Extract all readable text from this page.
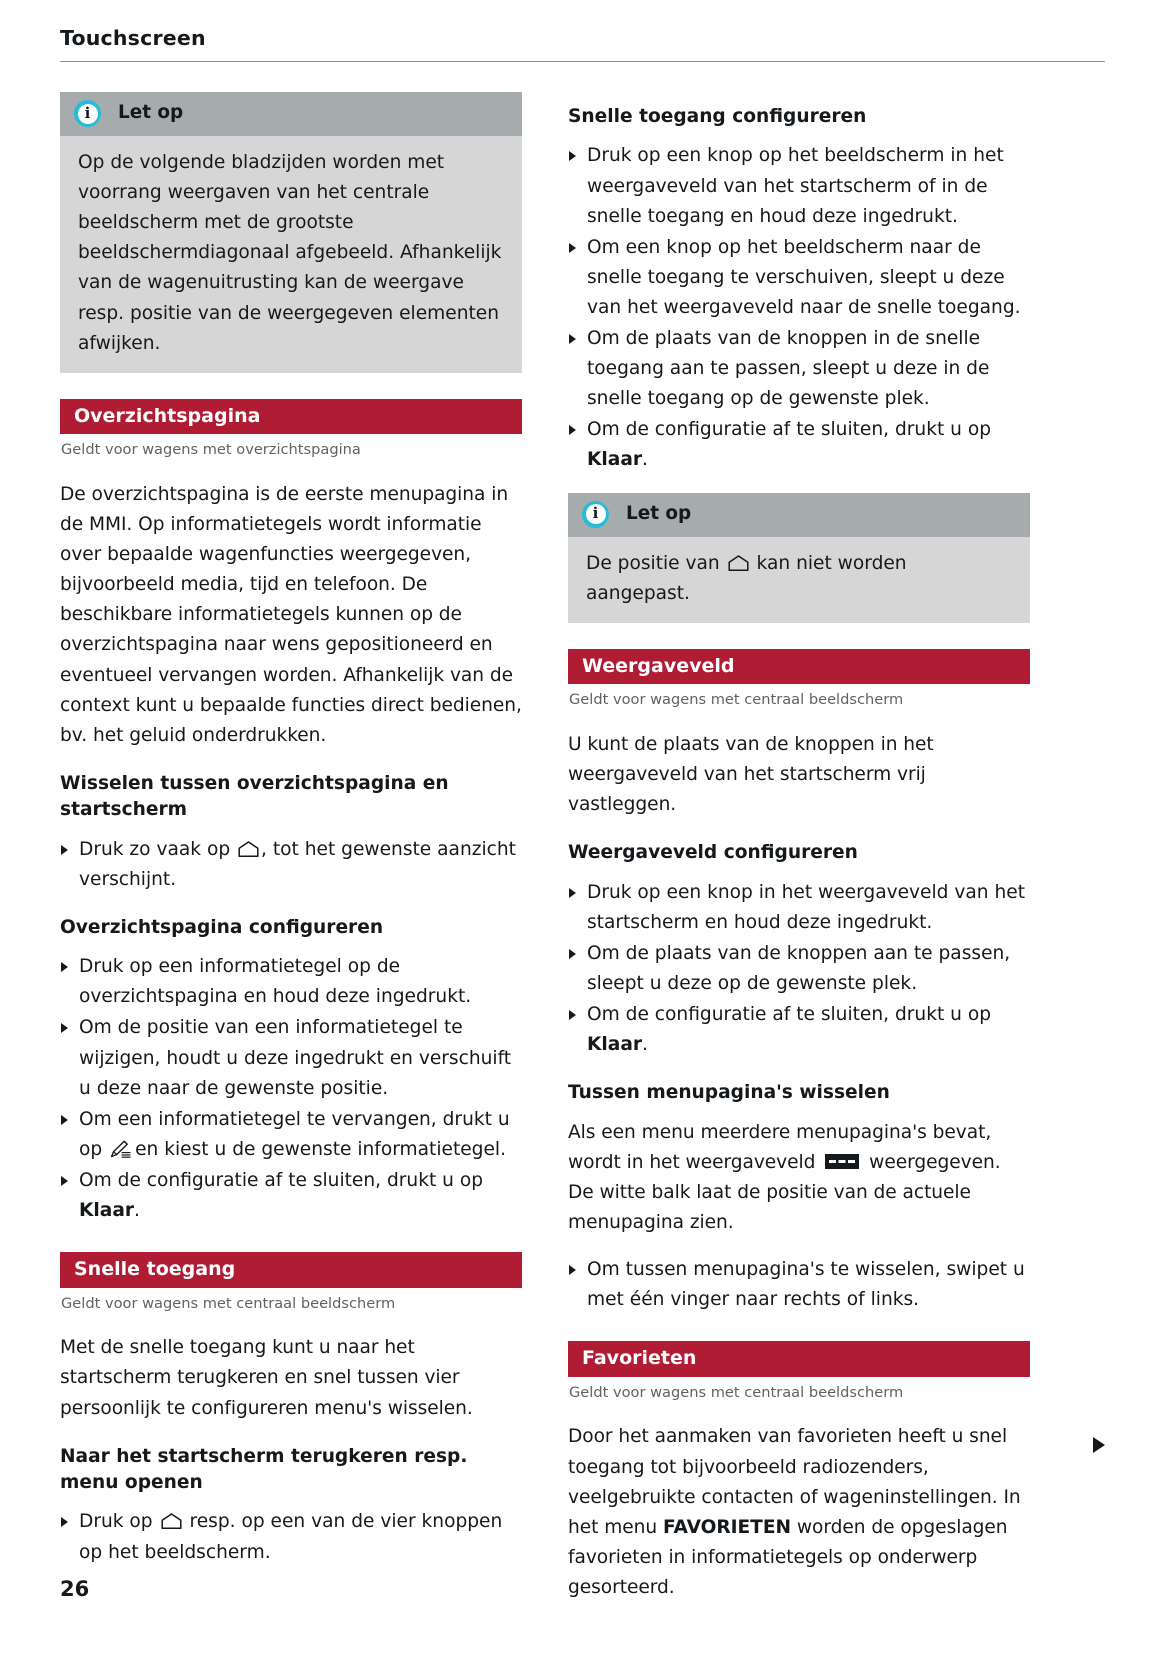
Touchscreen
i Let op

Op de volgende bladzijden worden met voorrang weergaven van het centrale beeldscherm met de grootste beeldschermdiagonaal afgebeeld. Afhankelijk van de wagenuitrusting kan de weergave resp. positie van de weergegeven elementen afwijken.

Overzichtspagina
Geldt voor wagens met overzichtspagina

De overzichtspagina is de eerste menupagina in de MMI. Op informatietegels wordt informatie over bepaalde wagenfuncties weergegeven, bijvoorbeeld media, tijd en telefoon. De beschikbare informatietegels kunnen op de overzichtspagina naar wens gepositioneerd en eventueel vervangen worden. Afhankelijk van de context kunt u bepaalde functies direct bedienen, bv. het geluid onderdrukken.

Wisselen tussen overzichtspagina en startscherm
Druk zo vaak op , tot het gewenste aanzicht verschijnt.
Overzichtspagina configureren
Druk op een informatietegel op de overzichtspagina en houd deze ingedrukt.
Om de positie van een informatietegel te wijzigen, houdt u deze ingedrukt en verschuift u deze naar de gewenste positie.
Om een informatietegel te vervangen, drukt u op en kiest u de gewenste informatietegel.
Om de configuratie af te sluiten, drukt u op Klaar.
Snelle toegang
Geldt voor wagens met centraal beeldscherm

Met de snelle toegang kunt u naar het startscherm terugkeren en snel tussen vier persoonlijk te configureren menu's wisselen.

Naar het startscherm terugkeren resp. menu openen
Druk op resp. op een van de vier knoppen op het beeldscherm.
Snelle toegang configureren
Druk op een knop op het beeldscherm in het weergaveveld van het startscherm of in de snelle toegang en houd deze ingedrukt.
Om een knop op het beeldscherm naar de snelle toegang te verschuiven, sleept u deze van het weergaveveld naar de snelle toegang.
Om de plaats van de knoppen in de snelle toegang aan te passen, sleept u deze in de snelle toegang op de gewenste plek.
Om de configuratie af te sluiten, drukt u op Klaar.
i Let op

De positie van kan niet worden aangepast.

Weergaveveld
Geldt voor wagens met centraal beeldscherm

U kunt de plaats van de knoppen in het weergaveveld van het startscherm vrij vastleggen.

Weergaveveld configureren
Druk op een knop in het weergaveveld van het startscherm en houd deze ingedrukt.
Om de plaats van de knoppen aan te passen, sleept u deze op de gewenste plek.
Om de configuratie af te sluiten, drukt u op Klaar.
Tussen menupagina's wisselen

Als een menu meerdere menupagina's bevat, wordt in het weergaveveld	weergegeven. De witte balk laat de positie van de actuele menupagina zien.

Om tussen menupagina's te wisselen, swipet u met één vinger naar rechts of links.
Favorieten
Geldt voor wagens met centraal beeldscherm

Door het aanmaken van favorieten heeft u snel toegang tot bijvoorbeeld radiozenders, veelgebruikte contacten of wageninstellingen. In het menu FAVORIETEN worden de opgeslagen favorieten in informatietegels op onderwerp gesorteerd.

26
